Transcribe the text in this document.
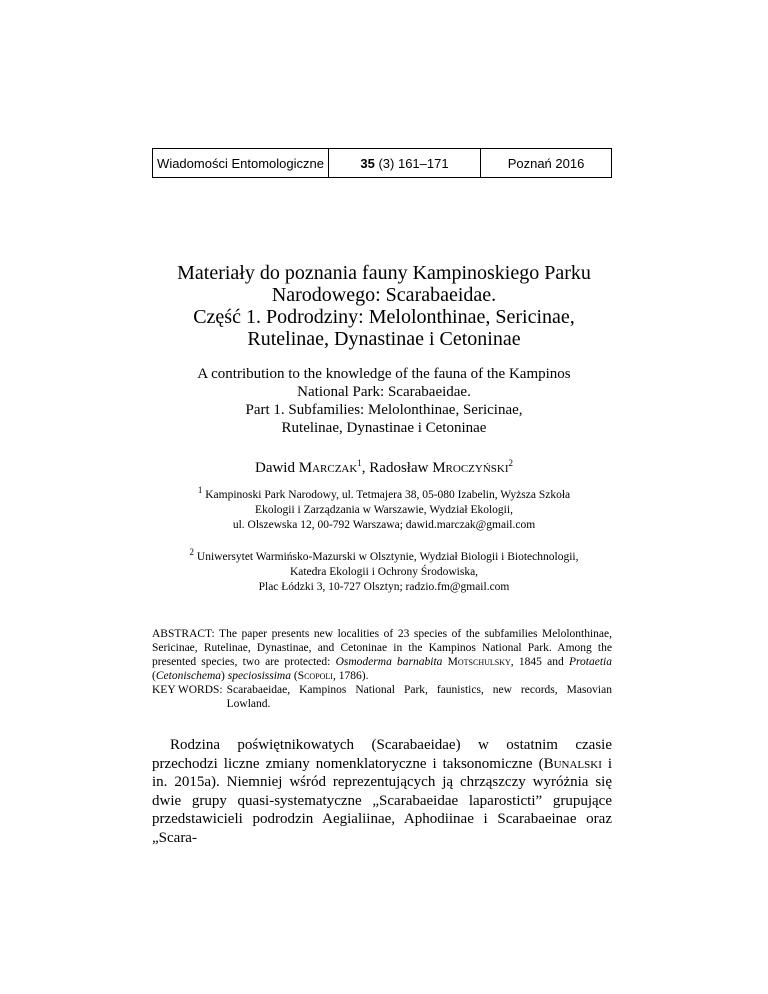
Wiadomości Entomologiczne	35 (3) 161–171	Poznań 2016
Materiały do poznania fauny Kampinoskiego Parku
Narodowego: Scarabaeidae.
Część 1. Podrodziny: Melolonthinae, Sericinae,
Rutelinae, Dynastinae i Cetoninae
A contribution to the knowledge of the fauna of the Kampinos
National Park: Scarabaeidae.
Part 1. Subfamilies: Melolonthinae, Sericinae,
Rutelinae, Dynastinae i Cetoninae
Dawid Marczak$^1$, Radosław Mroczyński$^2$
$^1$ Kampinoski Park Narodowy, ul. Tetmajera 38, 05-080 Izabelin, Wyższa Szkoła
Ekologii i Zarządzania w Warszawie, Wydział Ekologii,
ul. Olszewska 12, 00-792 Warszawa; dawid.marczak@gmail.com
$^2$ Uniwersytet Warmińsko-Mazurski w Olsztynie, Wydział Biologii i Biotechnologii,
Katedra Ekologii i Ochrony Środowiska,
Plac Łódzki 3, 10-727 Olsztyn; radzio.fm@gmail.com
ABSTRACT: The paper presents new localities of 23 species of the subfamilies Melolonthinae, Sericinae, Rutelinae, Dynastinae, and Cetoninae in the Kampinos National Park. Among the presented species, two are protected: Osmoderma barnabita Motschulsky, 1845 and Protaetia (Cetonischema) speciosissima (Scopoli, 1786).
KEY WORDS: Scarabaeidae, Kampinos National Park, faunistics, new records, Masovian Lowland.
Rodzina poświętnikowatych (Scarabaeidae) w ostatnim czasie przechodzi liczne zmiany nomenklatoryczne i taksonomiczne (Bunalski i in. 2015a). Niemniej wśród reprezentujących ją chrząszczy wyróżnia się dwie grupy quasi-systematyczne „Scarabaeidae laparosticti” grupujące przedstawicieli podrodzin Aegialiinae, Aphodiinae i Scarabaeinae oraz „Scara-
